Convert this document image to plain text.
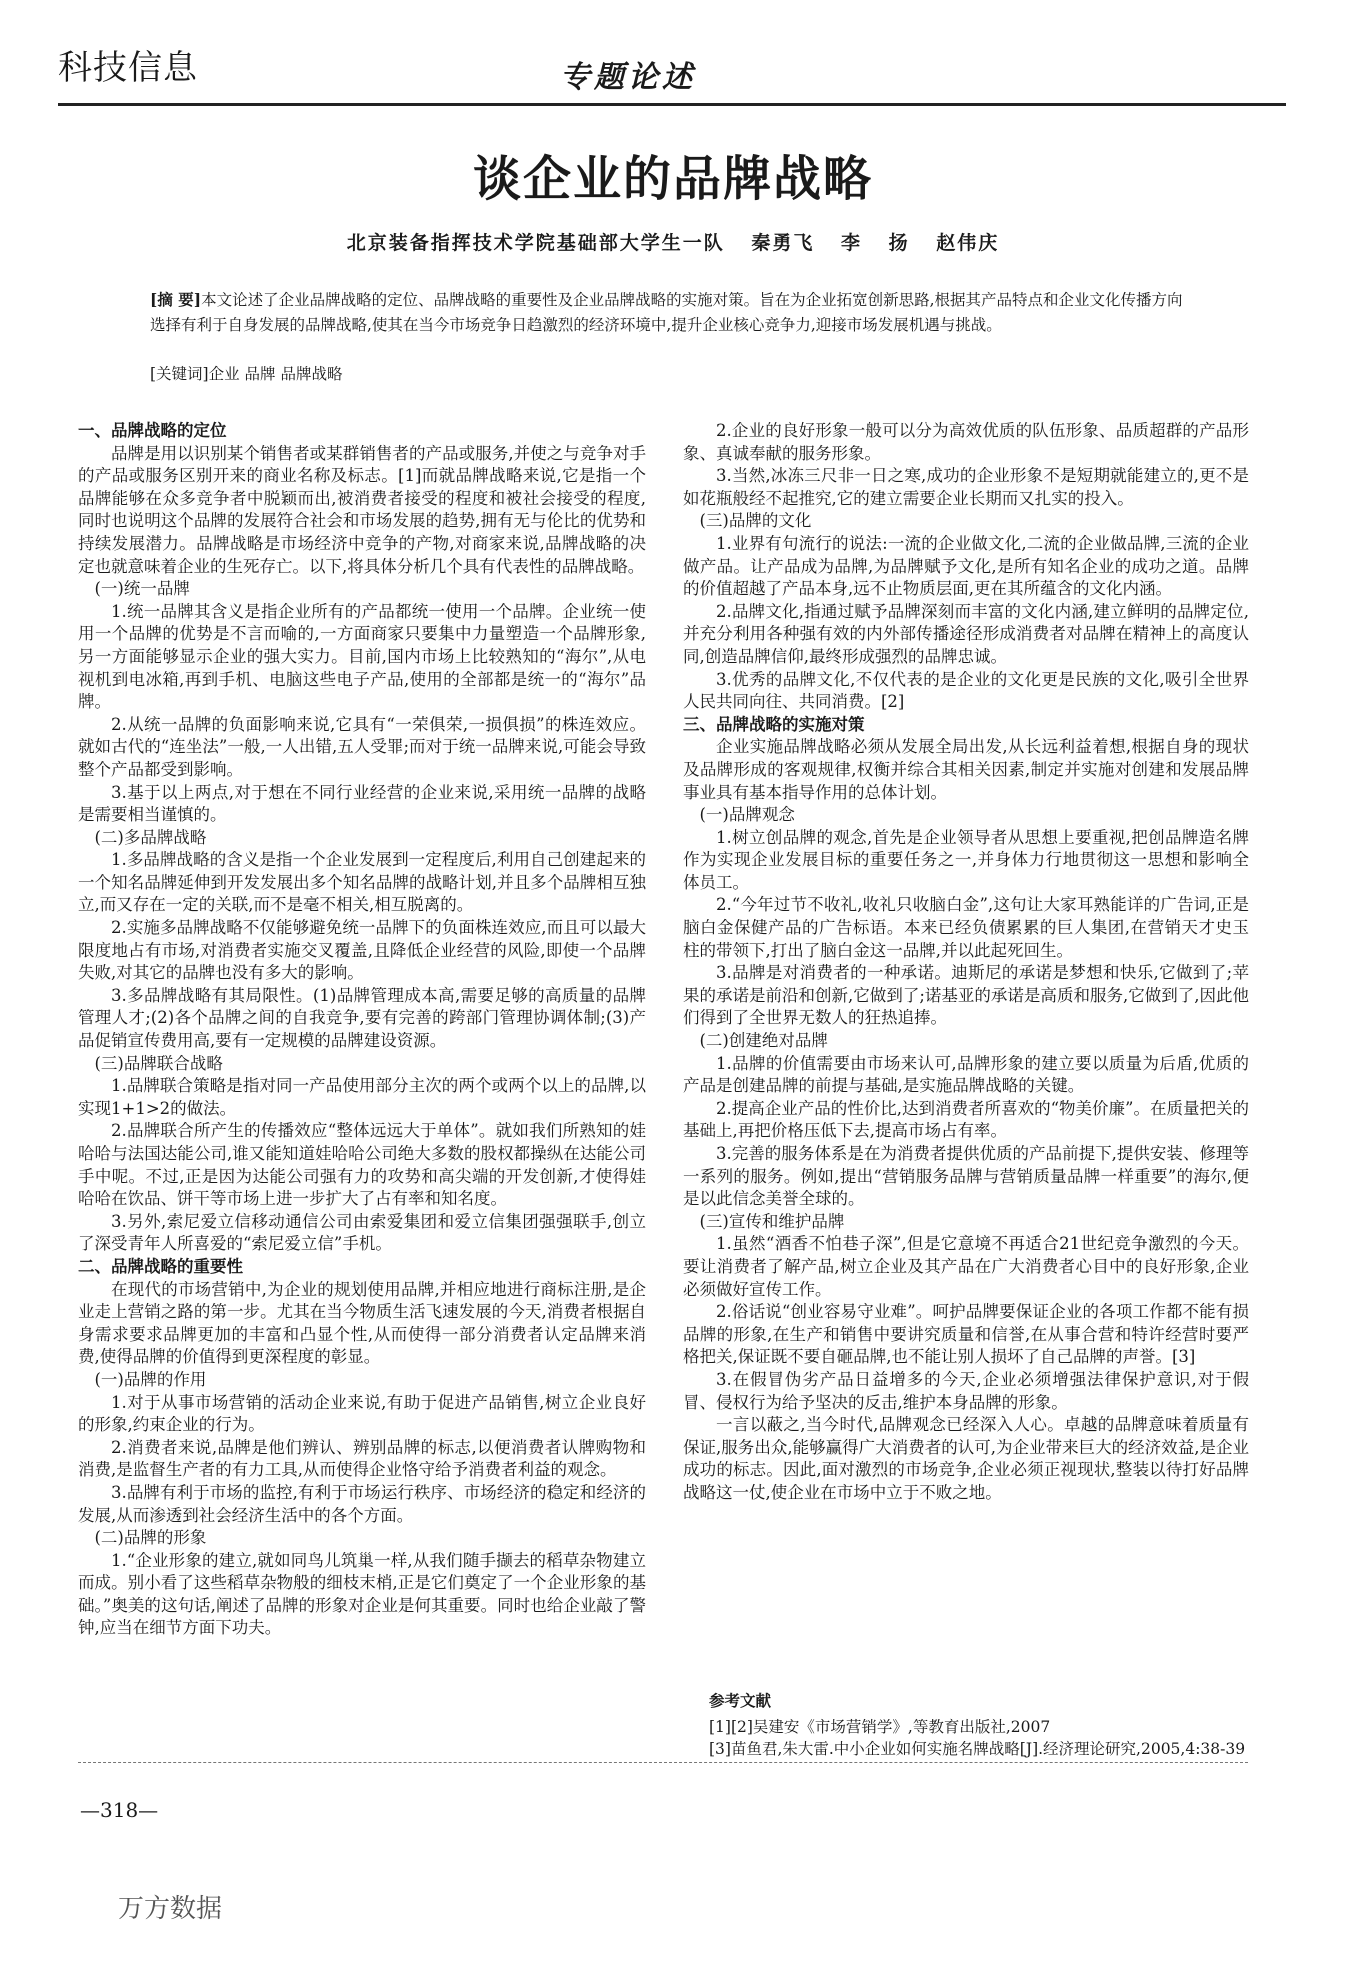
科技信息	专题论述
谈企业的品牌战略
北京装备指挥技术学院基础部大学生一队 秦勇飞 李 扬 赵伟庆
[摘 要]本文论述了企业品牌战略的定位、品牌战略的重要性及企业品牌战略的实施对策。旨在为企业拓宽创新思路,根据其产品特点和企业文化传播方向选择有利于自身发展的品牌战略,使其在当今市场竞争日趋激烈的经济环境中,提升企业核心竞争力,迎接市场发展机遇与挑战。
[关键词]企业 品牌 品牌战略
一、品牌战略的定位

品牌是用以识别某个销售者或某群销售者的产品或服务,并使之与竞争对手的产品或服务区别开来的商业名称及标志。[1]而就品牌战略来说,它是指一个品牌能够在众多竞争者中脱颖而出,被消费者接受的程度和被社会接受的程度,同时也说明这个品牌的发展符合社会和市场发展的趋势,拥有无与伦比的优势和持续发展潜力。品牌战略是市场经济中竞争的产物,对商家来说,品牌战略的决定也就意味着企业的生死存亡。以下,将具体分析几个具有代表性的品牌战略。

(一)统一品牌

1.统一品牌其含义是指企业所有的产品都统一使用一个品牌。企业统一使用一个品牌的优势是不言而喻的,一方面商家只要集中力量塑造一个品牌形象,另一方面能够显示企业的强大实力。目前,国内市场上比较熟知的“海尔”,从电视机到电冰箱,再到手机、电脑这些电子产品,使用的全部都是统一的“海尔”品牌。

2.从统一品牌的负面影响来说,它具有“一荣俱荣,一损俱损”的株连效应。就如古代的“连坐法”一般,一人出错,五人受罪;而对于统一品牌来说,可能会导致整个产品都受到影响。

3.基于以上两点,对于想在不同行业经营的企业来说,采用统一品牌的战略是需要相当谨慎的。

(二)多品牌战略

1.多品牌战略的含义是指一个企业发展到一定程度后,利用自己创建起来的一个知名品牌延伸到开发发展出多个知名品牌的战略计划,并且多个品牌相互独立,而又存在一定的关联,而不是毫不相关,相互脱离的。

2.实施多品牌战略不仅能够避免统一品牌下的负面株连效应,而且可以最大限度地占有市场,对消费者实施交叉覆盖,且降低企业经营的风险,即使一个品牌失败,对其它的品牌也没有多大的影响。

3.多品牌战略有其局限性。(1)品牌管理成本高,需要足够的高质量的品牌管理人才;(2)各个品牌之间的自我竞争,要有完善的跨部门管理协调体制;(3)产品促销宣传费用高,要有一定规模的品牌建设资源。

(三)品牌联合战略

1.品牌联合策略是指对同一产品使用部分主次的两个或两个以上的品牌,以实现1+1>2的做法。

2.品牌联合所产生的传播效应“整体远远大于单体”。就如我们所熟知的娃哈哈与法国达能公司,谁又能知道娃哈哈公司绝大多数的股权都操纵在达能公司手中呢。不过,正是因为达能公司强有力的攻势和高尖端的开发创新,才使得娃哈哈在饮品、饼干等市场上进一步扩大了占有率和知名度。

3.另外,索尼爱立信移动通信公司由索爱集团和爱立信集团强强联手,创立了深受青年人所喜爱的“索尼爱立信”手机。

二、品牌战略的重要性

在现代的市场营销中,为企业的规划使用品牌,并相应地进行商标注册,是企业走上营销之路的第一步。尤其在当今物质生活飞速发展的今天,消费者根据自身需求要求品牌更加的丰富和凸显个性,从而使得一部分消费者认定品牌来消费,使得品牌的价值得到更深程度的彰显。

(一)品牌的作用

1.对于从事市场营销的活动企业来说,有助于促进产品销售,树立企业良好的形象,约束企业的行为。

2.消费者来说,品牌是他们辨认、辨别品牌的标志,以便消费者认牌购物和消费,是监督生产者的有力工具,从而使得企业恪守给予消费者利益的观念。

3.品牌有利于市场的监控,有利于市场运行秩序、市场经济的稳定和经济的发展,从而渗透到社会经济生活中的各个方面。

(二)品牌的形象

1.“企业形象的建立,就如同鸟儿筑巢一样,从我们随手撷去的稻草杂物建立而成。别小看了这些稻草杂物般的细枝末梢,正是它们奠定了一个企业形象的基础。”奥美的这句话,阐述了品牌的形象对企业是何其重要。同时也给企业敲了警钟,应当在细节方面下功夫。

2.企业的良好形象一般可以分为高效优质的队伍形象、品质超群的产品形象、真诚奉献的服务形象。

3.当然,冰冻三尺非一日之寒,成功的企业形象不是短期就能建立的,更不是如花瓶般经不起推究,它的建立需要企业长期而又扎实的投入。

(三)品牌的文化

1.业界有句流行的说法:一流的企业做文化,二流的企业做品牌,三流的企业做产品。让产品成为品牌,为品牌赋予文化,是所有知名企业的成功之道。品牌的价值超越了产品本身,远不止物质层面,更在其所蕴含的文化内涵。

2.品牌文化,指通过赋予品牌深刻而丰富的文化内涵,建立鲜明的品牌定位,并充分利用各种强有效的内外部传播途径形成消费者对品牌在精神上的高度认同,创造品牌信仰,最终形成强烈的品牌忠诚。

3.优秀的品牌文化,不仅代表的是企业的文化更是民族的文化,吸引全世界人民共同向往、共同消费。[2]

三、品牌战略的实施对策

企业实施品牌战略必须从发展全局出发,从长远利益着想,根据自身的现状及品牌形成的客观规律,权衡并综合其相关因素,制定并实施对创建和发展品牌事业具有基本指导作用的总体计划。

(一)品牌观念

1.树立创品牌的观念,首先是企业领导者从思想上要重视,把创品牌造名牌作为实现企业发展目标的重要任务之一,并身体力行地贯彻这一思想和影响全体员工。

2.“今年过节不收礼,收礼只收脑白金”,这句让大家耳熟能详的广告词,正是脑白金保健产品的广告标语。本来已经负债累累的巨人集团,在营销天才史玉柱的带领下,打出了脑白金这一品牌,并以此起死回生。

3.品牌是对消费者的一种承诺。迪斯尼的承诺是梦想和快乐,它做到了;苹果的承诺是前沿和创新,它做到了;诺基亚的承诺是高质和服务,它做到了,因此他们得到了全世界无数人的狂热追捧。

(二)创建绝对品牌

1.品牌的价值需要由市场来认可,品牌形象的建立要以质量为后盾,优质的产品是创建品牌的前提与基础,是实施品牌战略的关键。

2.提高企业产品的性价比,达到消费者所喜欢的“物美价廉”。在质量把关的基础上,再把价格压低下去,提高市场占有率。

3.完善的服务体系是在为消费者提供优质的产品前提下,提供安装、修理等一系列的服务。例如,提出“营销服务品牌与营销质量品牌一样重要”的海尔,便是以此信念美誉全球的。

(三)宣传和维护品牌

1.虽然“酒香不怕巷子深”,但是它意境不再适合21世纪竞争激烈的今天。要让消费者了解产品,树立企业及其产品在广大消费者心目中的良好形象,企业必须做好宣传工作。

2.俗话说“创业容易守业难”。呵护品牌要保证企业的各项工作都不能有损品牌的形象,在生产和销售中要讲究质量和信誉,在从事合营和特许经营时要严格把关,保证既不要自砸品牌,也不能让别人损坏了自己品牌的声誉。[3]

3.在假冒伪劣产品日益增多的今天,企业必须增强法律保护意识,对于假冒、侵权行为给予坚决的反击,维护本身品牌的形象。

一言以蔽之,当今时代,品牌观念已经深入人心。卓越的品牌意味着质量有保证,服务出众,能够赢得广大消费者的认可,为企业带来巨大的经济效益,是企业成功的标志。因此,面对激烈的市场竞争,企业必须正视现状,整装以待打好品牌战略这一仗,使企业在市场中立于不败之地。

参考文献
[1][2]吴建安《市场营销学》,等教育出版社,2007
[3]苗鱼君,朱大雷.中小企业如何实施名牌战略[J].经济理论研究,2005,4:38-39
—318—
万方数据
